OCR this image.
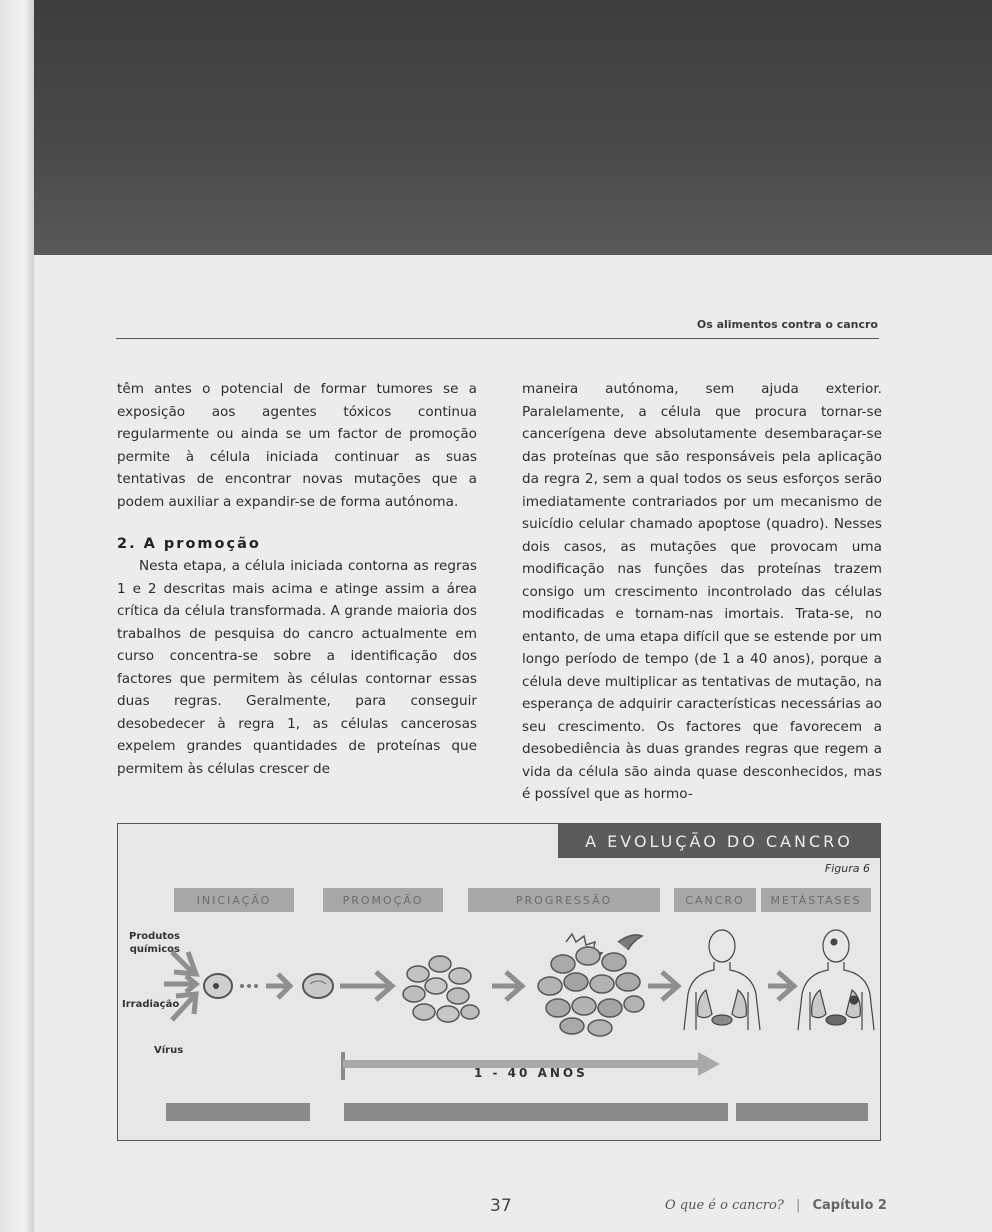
Os alimentos contra o cancro

têm antes o potencial de formar tumores se a exposição aos agentes tóxicos continua regularmente ou ainda se um factor de promoção permite à célula iniciada continuar as suas tentativas de encontrar novas mutações que a podem auxiliar a expandir-se de forma autónoma.

2. A promoção

Nesta etapa, a célula iniciada contorna as regras 1 e 2 descritas mais acima e atinge assim a área crítica da célula transformada. A grande maioria dos trabalhos de pesquisa do cancro actualmente em curso concentra-se sobre a identificação dos factores que permitem às células contornar essas duas regras. Geralmente, para conseguir desobedecer à regra 1, as células cancerosas expelem grandes quantidades de proteínas que permitem às células crescer de

maneira autónoma, sem ajuda exterior. Paralelamente, a célula que procura tornar-se cancerígena deve absolutamente desembaraçar-se das proteínas que são responsáveis pela aplicação da regra 2, sem a qual todos os seus esforços serão imediatamente contrariados por um mecanismo de suicídio celular chamado apoptose (quadro). Nesses dois casos, as mutações que provocam uma modificação nas funções das proteínas trazem consigo um crescimento incontrolado das células modificadas e tornam-nas imortais. Trata-se, no entanto, de uma etapa difícil que se estende por um longo período de tempo (de 1 a 40 anos), porque a célula deve multiplicar as tentativas de mutação, na esperança de adquirir características necessárias ao seu crescimento. Os factores que favorecem a desobediência às duas grandes regras que regem a vida da célula são ainda quase desconhecidos, mas é possível que as hormo-

A EVOLUÇÃO DO CANCRO
Figura 6
INICIAÇÃO	PROMOÇÃO	PROGRESSÃO	CANCRO	METÁSTASES
Produtos químicos
Irradiação
Vírus
1 - 40 ANOS
37	O que é o cancro? | Capítulo 2
